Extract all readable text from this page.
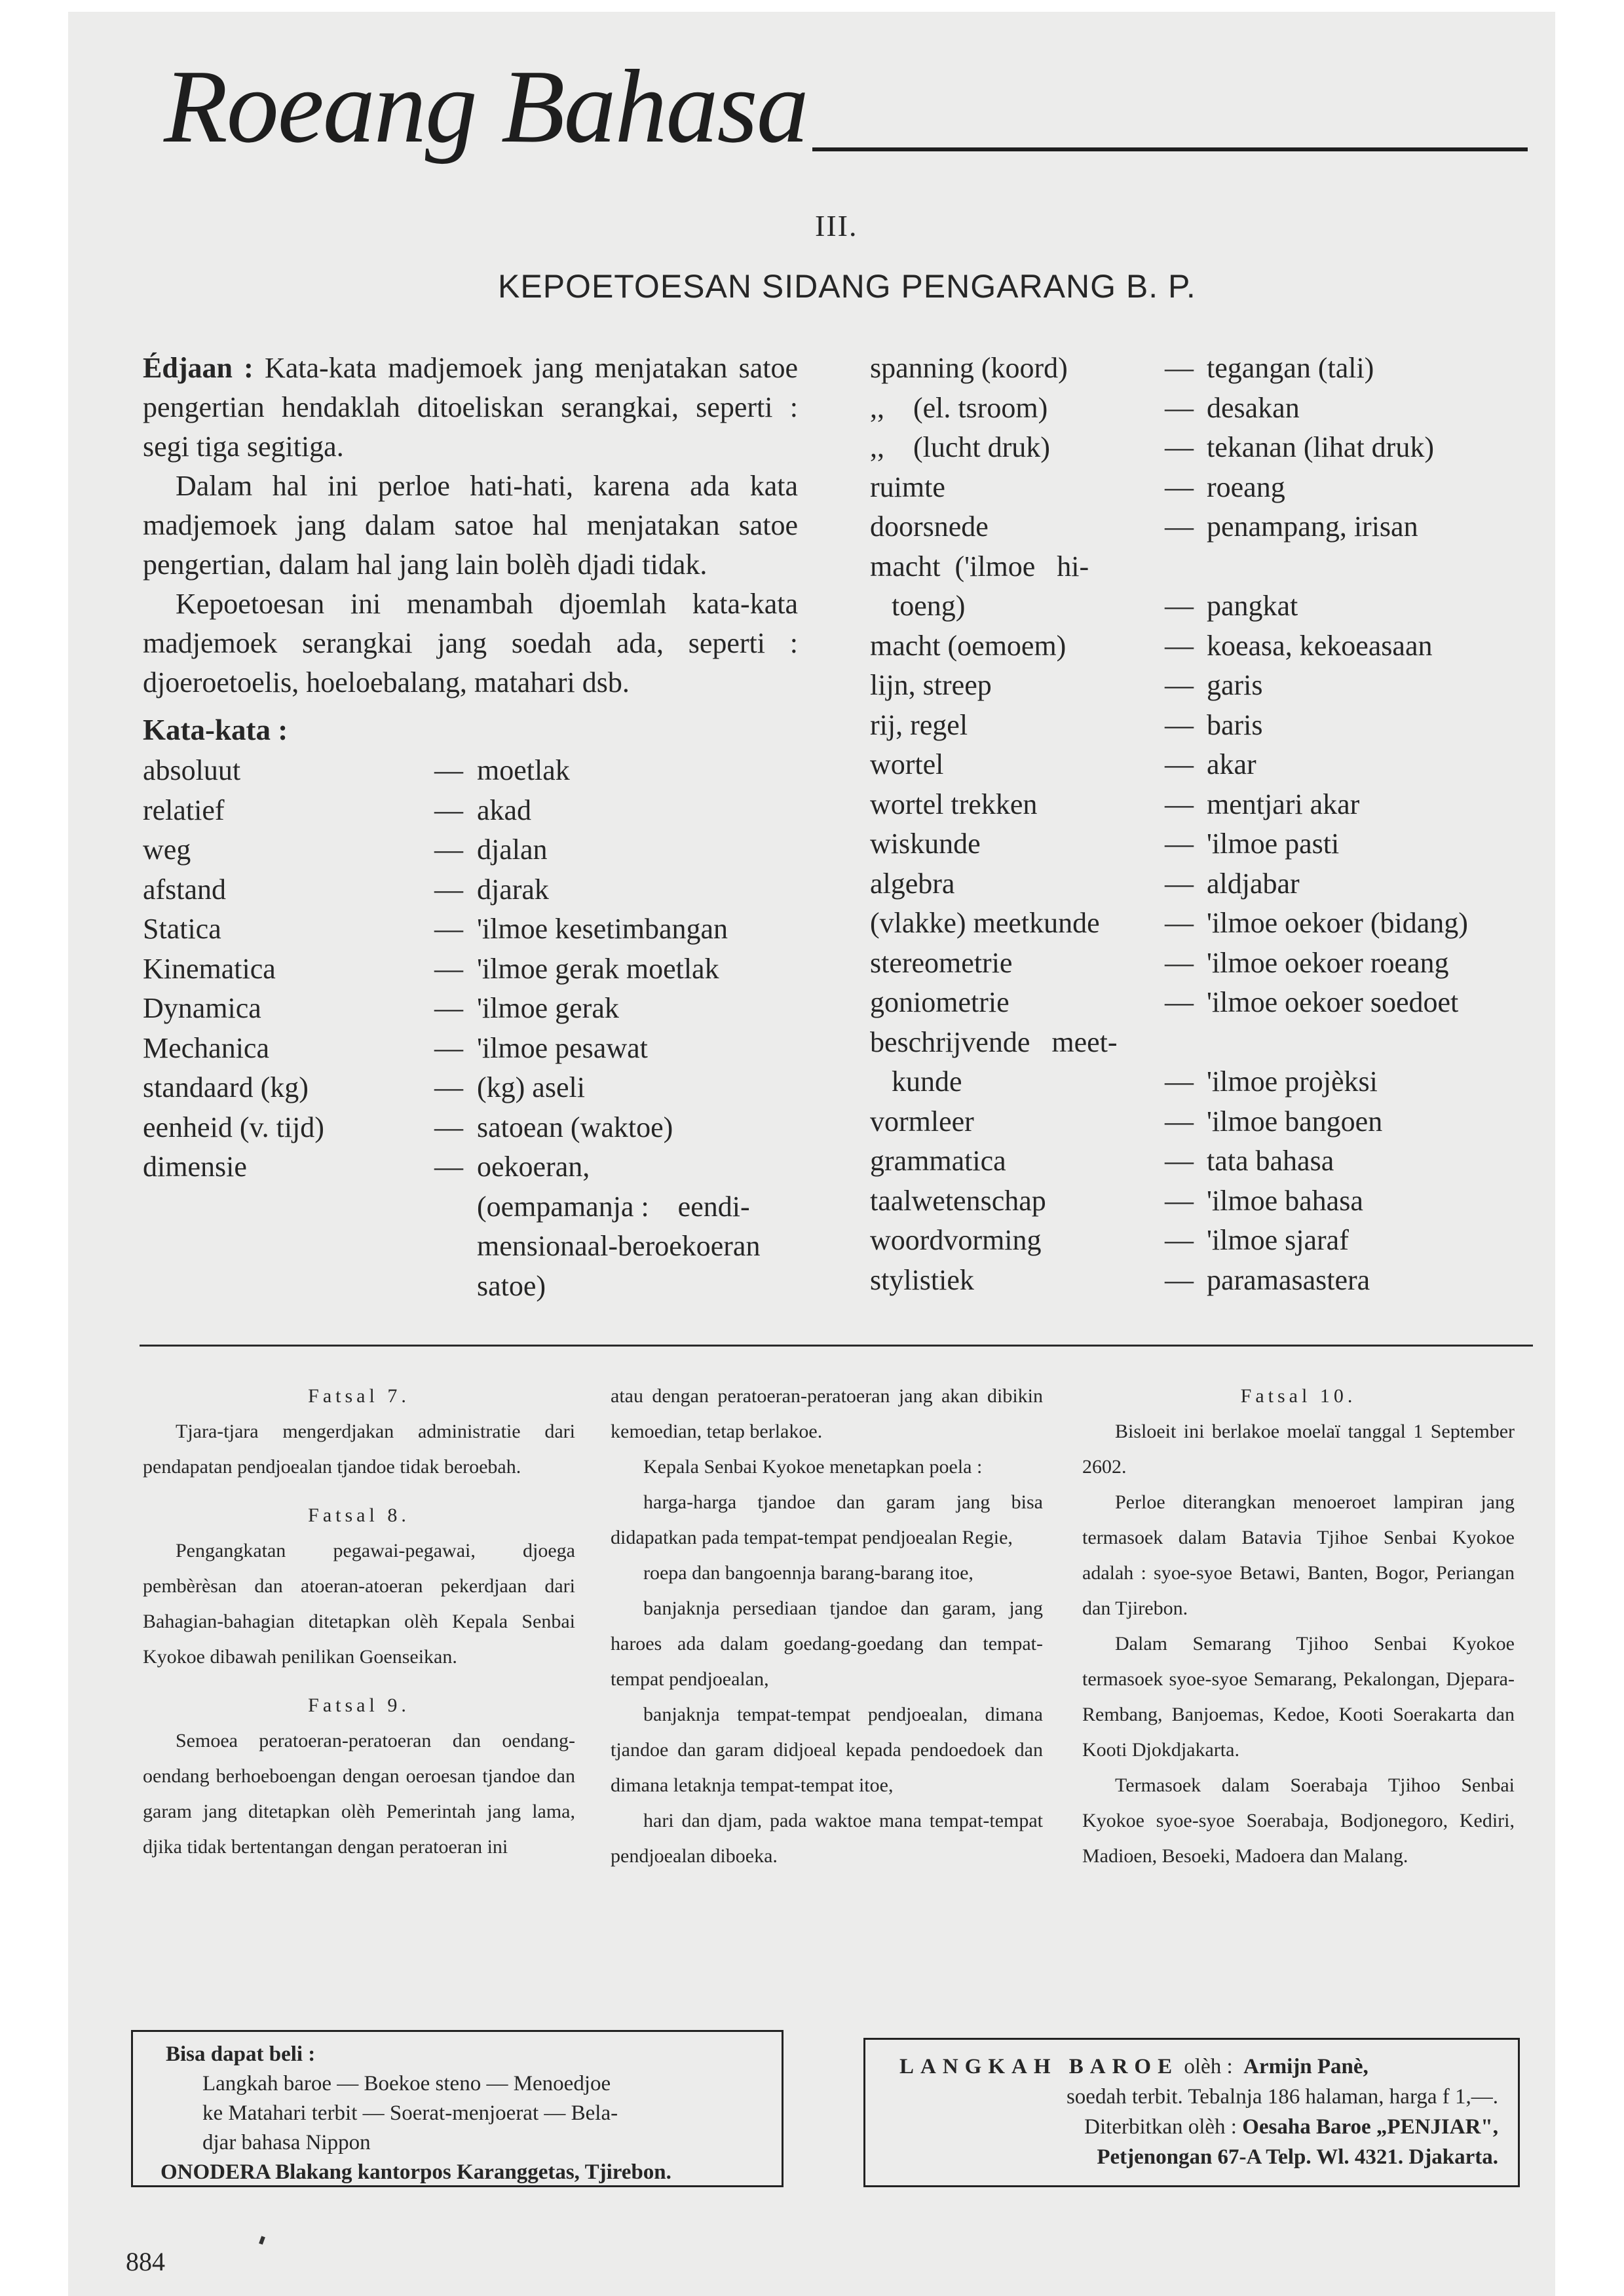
Roeang Bahasa
III.
KEPOETOESAN SIDANG PENGARANG B. P.

Édjaan : Kata-kata madjemoek jang menjatakan satoe pengertian hendaklah ditoeliskan serangkai, seperti : segi tiga segitiga.

Dalam hal ini perloe hati-hati, karena ada kata madjemoek jang dalam satoe hal menjatakan satoe pengertian, dalam hal jang lain bolèh djadi tidak.

Kepoetoesan ini menambah djoemlah kata-kata madjemoek serangkai jang soedah ada, seperti : djoeroetoelis, hoeloebalang, matahari dsb.

Kata-kata :
absoluut	— moetlak
relatief	— akad
weg	— djalan
afstand	— djarak
Statica	— 'ilmoe kesetimbangan
Kinematica	— 'ilmoe gerak moetlak
Dynamica	— 'ilmoe gerak
Mechanica	— 'ilmoe pesawat
standaard (kg)	— (kg) aseli
eenheid (v. tijd)	— satoean (waktoe)
dimensie	— oekoeran,
(oempamanja :    eendi-
mensionaal-beroekoeran
satoe)
spanning (koord)	— tegangan (tali)
,,    (el. tsroom)	— desakan
,,    (lucht druk)	— tekanan (lihat druk)
ruimte	— roeang
doorsnede	— penampang, irisan
macht  ('ilmoe   hi-
toeng)	— pangkat
macht (oemoem)	— koeasa, kekoeasaan
lijn, streep	— garis
rij, regel	— baris
wortel	— akar
wortel trekken	— mentjari akar
wiskunde	— 'ilmoe pasti
algebra	— aldjabar
(vlakke) meetkunde — 'ilmoe oekoer (bidang)
stereometrie	— 'ilmoe oekoer roeang
goniometrie	— 'ilmoe oekoer soedoet
beschrijvende   meet-
kunde	— 'ilmoe projèksi
vormleer	— 'ilmoe bangoen
grammatica	— tata bahasa
taalwetenschap	— 'ilmoe bahasa
woordvorming	— 'ilmoe sjaraf
stylistiek	— paramasastera
Fatsal 7.

Tjara-tjara mengerdjakan administratie dari pendapatan pendjoealan tjandoe tidak beroebah.

Fatsal 8.

Pengangkatan pegawai-pegawai, djoega pembèrèsan dan atoeran-atoeran pekerdjaan dari Bahagian-bahagian ditetapkan olèh Kepala Senbai Kyokoe dibawah penilikan Goenseikan.

Fatsal 9.

Semoea peratoeran-peratoeran dan oendang-oendang berhoeboengan dengan oeroesan tjandoe dan garam jang ditetapkan olèh Pemerintah jang lama, djika tidak bertentangan dengan peratoeran ini

atau dengan peratoeran-peratoeran jang akan dibikin kemoedian, tetap berlakoe.

Kepala Senbai Kyokoe menetapkan poela :

harga-harga tjandoe dan garam jang bisa didapatkan pada tempat-tempat pendjoealan Regie,

roepa dan bangoennja barang-barang itoe,

banjaknja persediaan tjandoe dan garam, jang haroes ada dalam goedang-goedang dan tempat-tempat pendjoealan,

banjaknja tempat-tempat pendjoealan, dimana tjandoe dan garam didjoeal kepada pendoedoek dan dimana letaknja tempat-tempat itoe,

hari dan djam, pada waktoe mana tempat-tempat pendjoealan diboeka.

Fatsal 10.

Bisloeit ini berlakoe moelaï tanggal 1 September 2602.

Perloe diterangkan menoeroet lampiran jang termasoek dalam Batavia Tjihoe Senbai Kyokoe adalah : syoe-syoe Betawi, Banten, Bogor, Periangan dan Tjirebon.

Dalam Semarang Tjihoo Senbai Kyokoe termasoek syoe-syoe Semarang, Pekalongan, Djepara-Rembang, Banjoemas, Kedoe, Kooti Soerakarta dan Kooti Djokdjakarta.

Termasoek dalam Soerabaja Tjihoo Senbai Kyokoe syoe-syoe Soerabaja, Bodjonegoro, Kediri, Madioen, Besoeki, Madoera dan Malang.

Bisa dapat beli :
Langkah baroe — Boekoe steno — Menoedjoe
ke Matahari terbit — Soerat-menjoerat — Bela-
djar bahasa Nippon
ONODERA Blakang kantorpos Karanggetas, Tjirebon.
LANGKAH BAROE olèh : Armijn Panè,
soedah terbit. Tebalnja 186 halaman, harga f 1,—.
Diterbitkan olèh : Oesaha Baroe „PENJIAR",
Petjenongan 67-A Telp. Wl. 4321. Djakarta.
884
